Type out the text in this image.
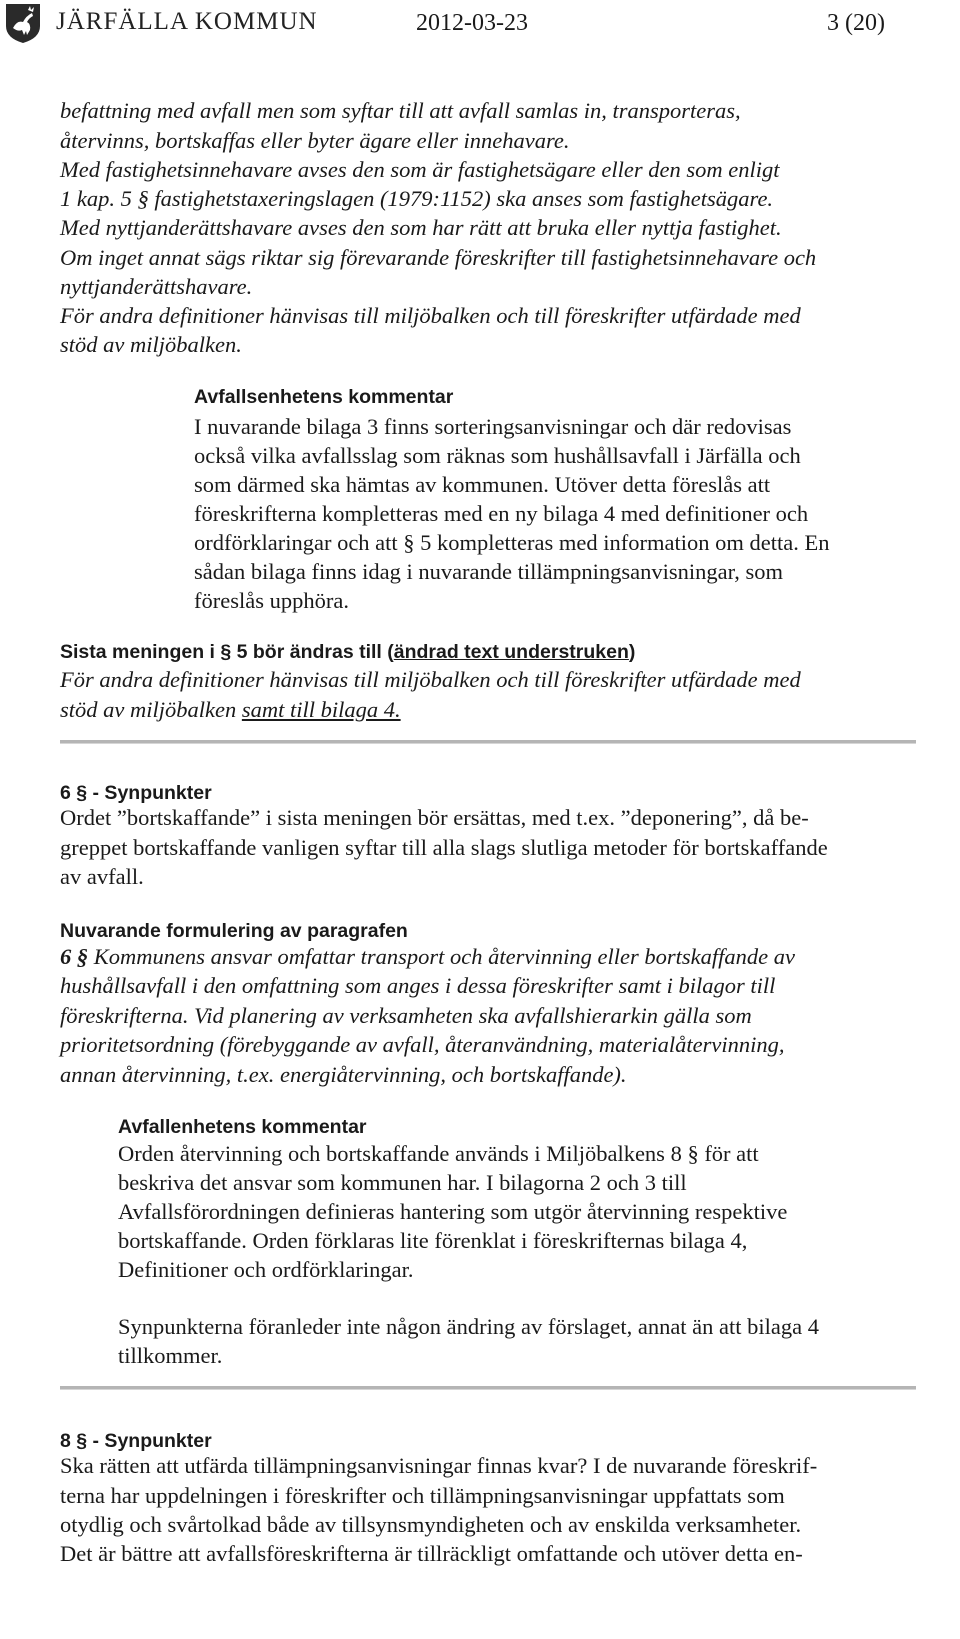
JÄRFÄLLA KOMMUN	2012-03-23	3 (20)
befattning med avfall men som syftar till att avfall samlas in, transporteras,
återvinns, bortskaffas eller byter ägare eller innehavare.
Med fastighetsinnehavare avses den som är fastighetsägare eller den som enligt
1 kap. 5 § fastighetstaxeringslagen (1979:1152) ska anses som fastighetsägare.
Med nyttjanderättshavare avses den som har rätt att bruka eller nyttja fastighet.
Om inget annat sägs riktar sig förevarande föreskrifter till fastighetsinnehavare och
nyttjanderättshavare.
För andra definitioner hänvisas till miljöbalken och till föreskrifter utfärdade med
stöd av miljöbalken.
Avfallsenhetens kommentar
I nuvarande bilaga 3 finns sorteringsanvisningar och där redovisas
också vilka avfallsslag som räknas som hushållsavfall i Järfälla och
som därmed ska hämtas av kommunen. Utöver detta föreslås att
föreskrifterna kompletteras med en ny bilaga 4 med definitioner och
ordförklaringar och att § 5 kompletteras med information om detta. En
sådan bilaga finns idag i nuvarande tillämpningsanvisningar, som
föreslås upphöra.
Sista meningen i § 5 bör ändras till (ändrad text understruken)
För andra definitioner hänvisas till miljöbalken och till föreskrifter utfärdade med
stöd av miljöbalken samt till bilaga 4.
6 § - Synpunkter
Ordet ”bortskaffande” i sista meningen bör ersättas, med t.ex. ”deponering”, då be-
greppet bortskaffande vanligen syftar till alla slags slutliga metoder för bortskaffande
av avfall.
Nuvarande formulering av paragrafen
6 § Kommunens ansvar omfattar transport och återvinning eller bortskaffande av
hushållsavfall i den omfattning som anges i dessa föreskrifter samt i bilagor till
föreskrifterna. Vid planering av verksamheten ska avfallshierarkin gälla som
prioritetsordning (förebyggande av avfall, återanvändning, materialåtervinning,
annan återvinning, t.ex. energiåtervinning, och bortskaffande).
Avfallenhetens kommentar
Orden återvinning och bortskaffande används i Miljöbalkens 8 § för att
beskriva det ansvar som kommunen har. I bilagorna 2 och 3 till
Avfallsförordningen definieras hantering som utgör återvinning respektive
bortskaffande. Orden förklaras lite förenklat i föreskrifternas bilaga 4,
Definitioner och ordförklaringar.
Synpunkterna föranleder inte någon ändring av förslaget, annat än att bilaga 4
tillkommer.
8 § - Synpunkter
Ska rätten att utfärda tillämpningsanvisningar finnas kvar? I de nuvarande föreskrif-
terna har uppdelningen i föreskrifter och tillämpningsanvisningar uppfattats som
otydlig och svårtolkad både av tillsynsmyndigheten och av enskilda verksamheter.
Det är bättre att avfallsföreskrifterna är tillräckligt omfattande och utöver detta en-
